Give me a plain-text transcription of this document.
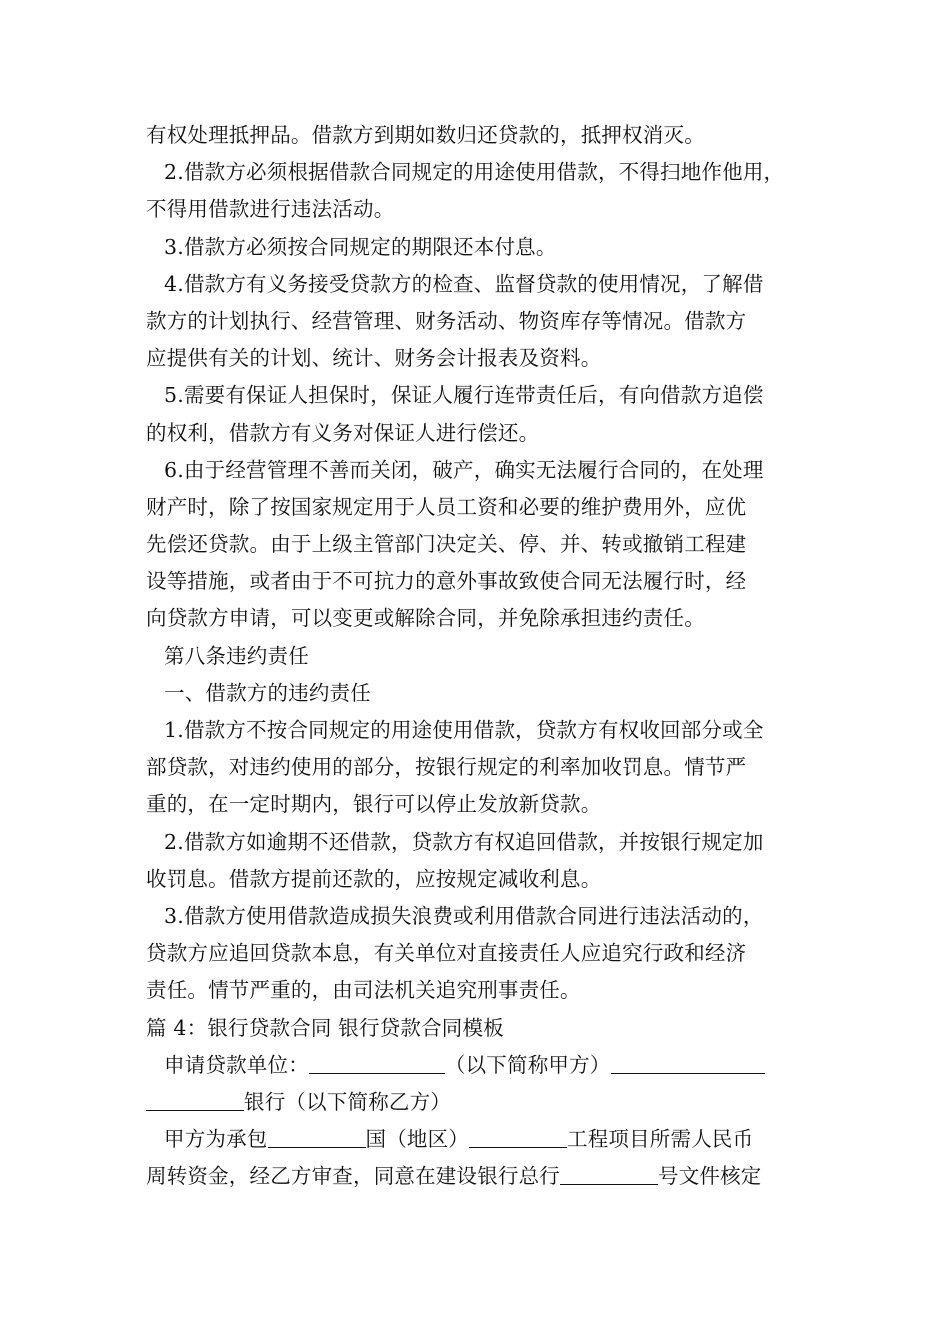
有权处理抵押品。借款方到期如数归还贷款的，抵押权消灭。
2.借款方必须根据借款合同规定的用途使用借款，不得扫地作他用，
不得用借款进行违法活动。
3.借款方必须按合同规定的期限还本付息。
4.借款方有义务接受贷款方的检查、监督贷款的使用情况，了解借
款方的计划执行、经营管理、财务活动、物资库存等情况。借款方
应提供有关的计划、统计、财务会计报表及资料。
5.需要有保证人担保时，保证人履行连带责任后，有向借款方追偿
的权利，借款方有义务对保证人进行偿还。
6.由于经营管理不善而关闭，破产，确实无法履行合同的，在处理
财产时，除了按国家规定用于人员工资和必要的维护费用外，应优
先偿还贷款。由于上级主管部门决定关、停、并、转或撤销工程建
设等措施，或者由于不可抗力的意外事故致使合同无法履行时，经
向贷款方申请，可以变更或解除合同，并免除承担违约责任。
第八条违约责任
一、借款方的违约责任
1.借款方不按合同规定的用途使用借款，贷款方有权收回部分或全
部贷款，对违约使用的部分，按银行规定的利率加收罚息。情节严
重的，在一定时期内，银行可以停止发放新贷款。
2.借款方如逾期不还借款，贷款方有权追回借款，并按银行规定加
收罚息。借款方提前还款的，应按规定减收利息。
3.借款方使用借款造成损失浪费或利用借款合同进行违法活动的，
贷款方应追回贷款本息，有关单位对直接责任人应追究行政和经济
责任。情节严重的，由司法机关追究刑事责任。
篇 4：银行贷款合同 银行贷款合同模板
申请贷款单位：	（以下简称甲方）
银行（以下简称乙方）
甲方为承包	国（地区）	工程项目所需人民币
周转资金，经乙方审查，同意在建设银行总行	号文件核定
